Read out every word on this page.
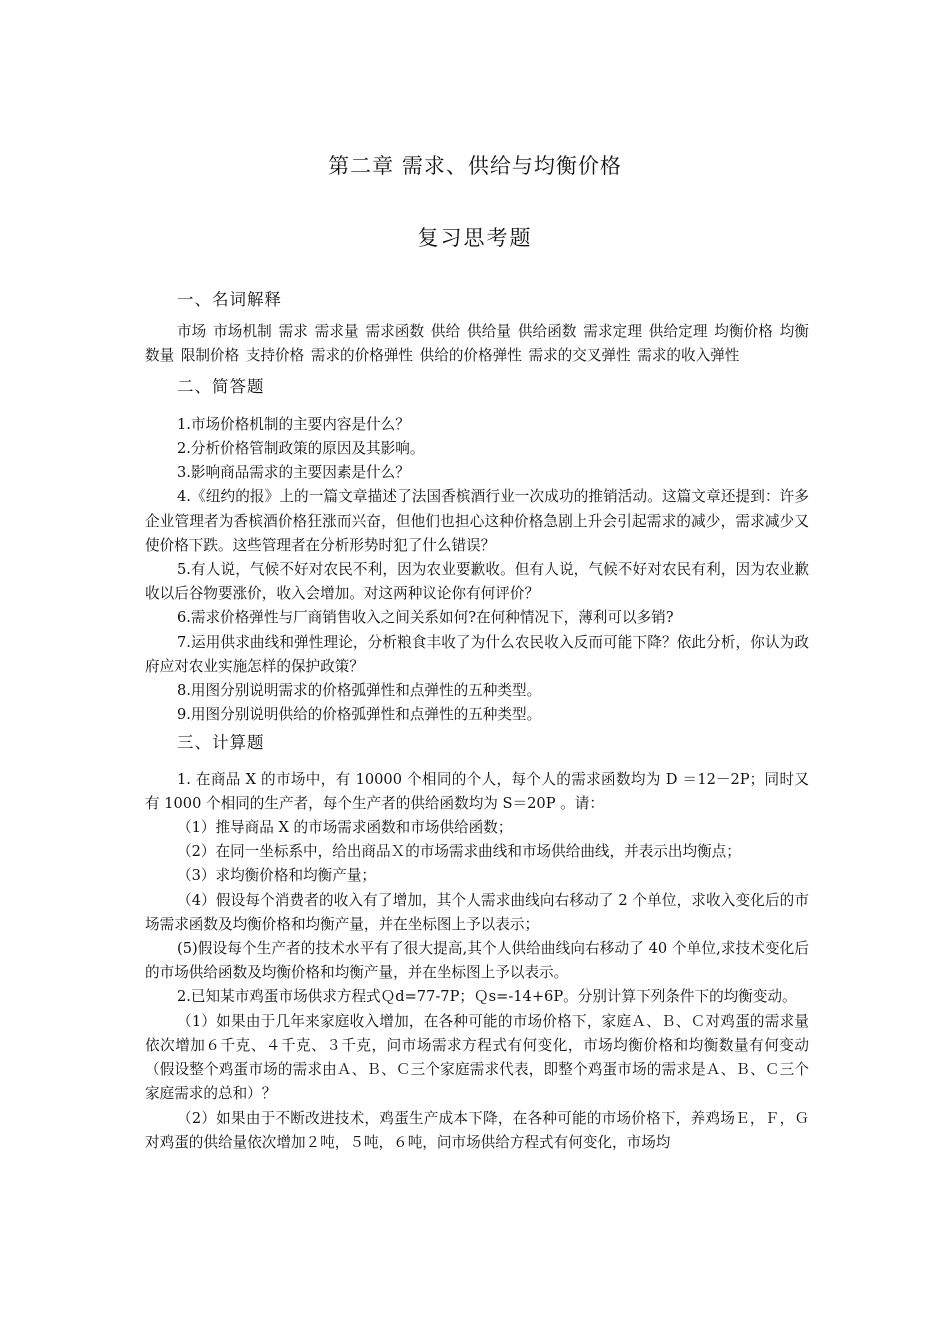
第二章 需求、供给与均衡价格
复习思考题
一、名词解释

市场 市场机制 需求 需求量 需求函数 供给 供给量 供给函数 需求定理 供给定理 均衡价格 均衡数量 限制价格 支持价格 需求的价格弹性 供给的价格弹性 需求的交叉弹性 需求的收入弹性

二、简答题

1.市场价格机制的主要内容是什么？

2.分析价格管制政策的原因及其影响。

3.影响商品需求的主要因素是什么？

4.《纽约的报》上的一篇文章描述了法国香槟酒行业一次成功的推销活动。这篇文章还提到：许多企业管理者为香槟酒价格狂涨而兴奋，但他们也担心这种价格急剧上升会引起需求的减少，需求减少又使价格下跌。这些管理者在分析形势时犯了什么错误？

5.有人说，气候不好对农民不利，因为农业要歉收。但有人说，气候不好对农民有利，因为农业歉收以后谷物要涨价，收入会增加。对这两种议论你有何评价？

6.需求价格弹性与厂商销售收入之间关系如何?在何种情况下，薄利可以多销?

7.运用供求曲线和弹性理论，分析粮食丰收了为什么农民收入反而可能下降？依此分析，你认为政府应对农业实施怎样的保护政策？

8.用图分别说明需求的价格弧弹性和点弹性的五种类型。

9.用图分别说明供给的价格弧弹性和点弹性的五种类型。

三、计算题

1. 在商品 X 的市场中，有 10000 个相同的个人，每个人的需求函数均为 D ＝12－2P；同时又有 1000 个相同的生产者，每个生产者的供给函数均为 S＝20P 。请：

（1）推导商品 X 的市场需求函数和市场供给函数；

（2）在同一坐标系中，给出商品Ｘ的市场需求曲线和市场供给曲线，并表示出均衡点；

（3）求均衡价格和均衡产量；

（4）假设每个消费者的收入有了增加，其个人需求曲线向右移动了 2 个单位，求收入变化后的市场需求函数及均衡价格和均衡产量，并在坐标图上予以表示；

(5)假设每个生产者的技术水平有了很大提高,其个人供给曲线向右移动了 40 个单位,求技术变化后的市场供给函数及均衡价格和均衡产量，并在坐标图上予以表示。

2.已知某市鸡蛋市场供求方程式Ｑd=77-7P；Ｑs=-14+6P。分别计算下列条件下的均衡变动。

（1）如果由于几年来家庭收入增加，在各种可能的市场价格下，家庭Ａ、Ｂ、Ｃ对鸡蛋的需求量依次增加６千克、４千克、３千克，问市场需求方程式有何变化，市场均衡价格和均衡数量有何变动（假设整个鸡蛋市场的需求由Ａ、Ｂ、Ｃ三个家庭需求代表，即整个鸡蛋市场的需求是Ａ、Ｂ、Ｃ三个家庭需求的总和）？

（2）如果由于不断改进技术，鸡蛋生产成本下降，在各种可能的市场价格下，养鸡场Ｅ，Ｆ，Ｇ对鸡蛋的供给量依次增加２吨，５吨，６吨，问市场供给方程式有何变化，市场均
